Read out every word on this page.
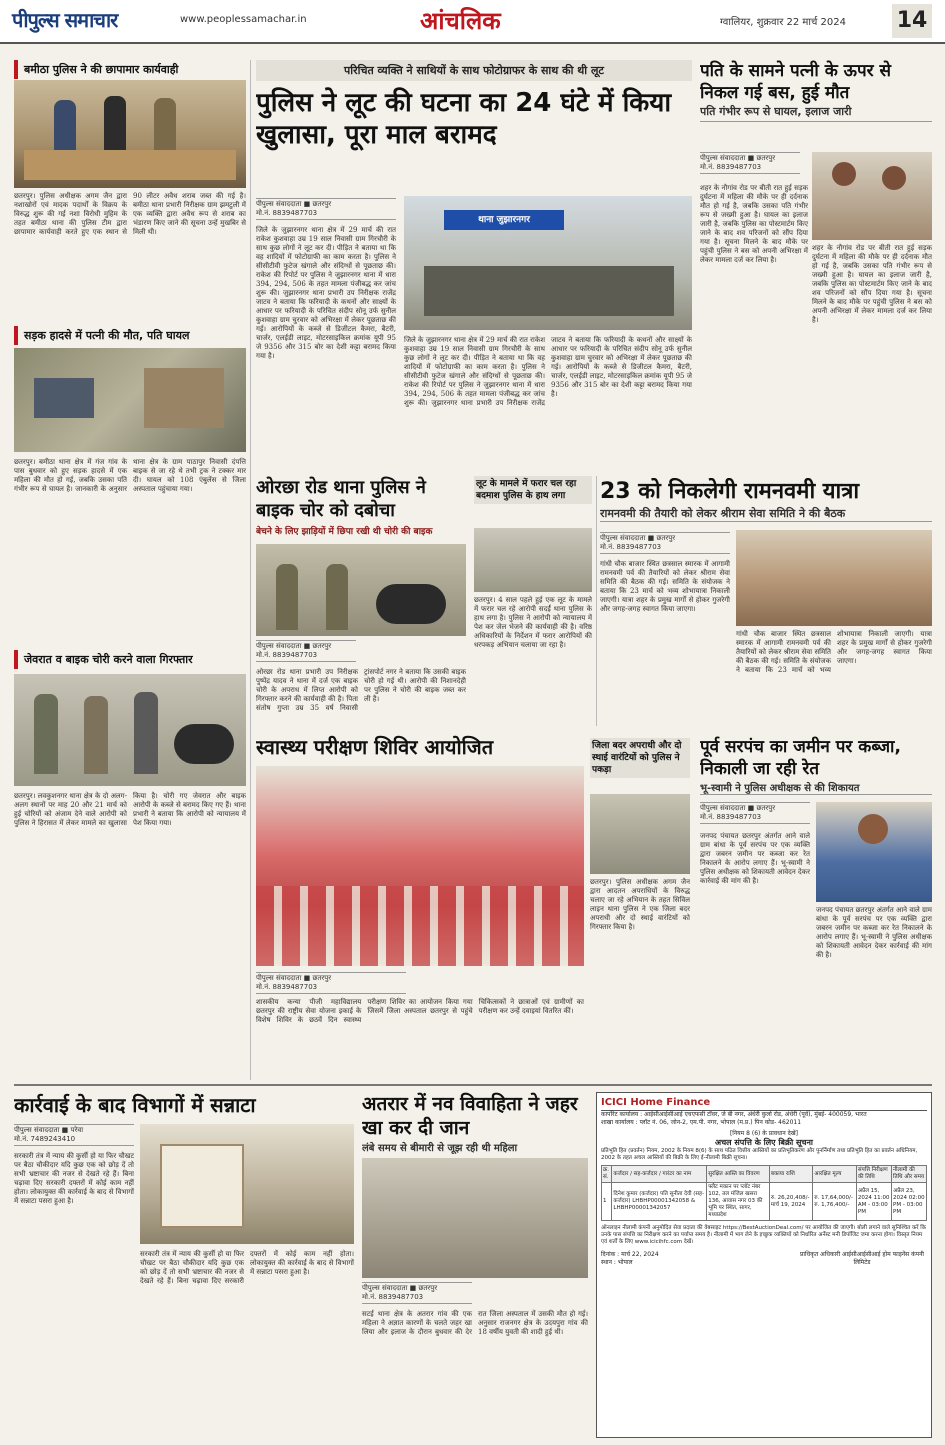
पीपुल्स समाचार	www.peoplessamachar.in	आंचलिक	ग्वालियर, शुक्रवार 22 मार्च 2024 14
बमीठा पुलिस ने की छापामार कार्यवाही
छतरपुर। पुलिस अधीक्षक अगम जैन द्वारा नशाखोरों एवं मादक पदार्थों के विक्रय के विरुद्ध शुरू की गई नशा विरोधी मुहिम के तहत बमीठा थाना की पुलिस टीम द्वारा छापामार कार्यवाही करते हुए एक स्थान से 90 लीटर अवैध शराब जब्त की गई है। बमीठा थाना प्रभारी निरीक्षक ग्राम झमटुली में एक व्यक्ति द्वारा अवैध रूप से शराब का भंडारण किए जाने की सूचना उन्हें मुखबिर से मिली थी।
सड़क हादसे में पत्नी की मौत, पति घायल
छतरपुर। बमीठा थाना क्षेत्र में गंज गांव के पास बुधवार को हुए सड़क हादसे में एक महिला की मौत हो गई, जबकि उसका पति गंभीर रूप से घायल है। जानकारी के अनुसार थाना क्षेत्र के ग्राम पाठापुर निवासी दंपत्ति बाइक से जा रहे थे तभी ट्रक ने टक्कर मार दी। घायल को 108 एंबुलेंस से जिला अस्पताल पहुंचाया गया।
जेवरात व बाइक चोरी करने वाला गिरफ्तार
छतरपुर। लवकुशनगर थाना क्षेत्र के दो अलग-अलग स्थानों पर माह 20 और 21 मार्च को हुई चोरियों को अंजाम देने वाले आरोपी को पुलिस ने हिरासत में लेकर मामले का खुलासा किया है। चोरी गए जेवरात और बाइक आरोपी के कब्जे से बरामद किए गए हैं। थाना प्रभारी ने बताया कि आरोपी को न्यायालय में पेश किया गया।
परिचित व्यक्ति ने साथियों के साथ फोटोग्राफर के साथ की थी लूट
पुलिस ने लूट की घटना का 24 घंटे में किया खुलासा, पूरा माल बरामद
पीपुल्स संवाददाता ■ छतरपुर
मो.नं. 8839487703
जिले के जुझारनगर थाना क्षेत्र में 29 मार्च की रात राकेश कुशवाहा उम्र 19 साल निवासी ग्राम गिरचौरी के साथ कुछ लोगों ने लूट कर दी। पीड़ित ने बताया था कि वह शादियों में फोटोग्राफी का काम करता है। पुलिस ने सीसीटीवी फुटेज खंगाले और संदिग्धों से पूछताछ की। राकेश की रिपोर्ट पर पुलिस ने जुझारनगर थाना में धारा 394, 294, 506 के तहत मामला पंजीबद्ध कर जांच शुरू की। जुझारनगर थाना प्रभारी उप निरीक्षक राजेंद्र जाटव ने बताया कि फरियादी के कथनों और साक्ष्यों के आधार पर फरियादी के परिचित संदीप सोनू उर्फ सुनील कुशवाहा ग्राम चुरवार को अभिरक्षा में लेकर पूछताछ की गई। आरोपियों के कब्जे से डिजीटल कैमरा, बैटरी, चार्जर, एलईडी लाइट, मोटरसाइकिल क्रमांक यूपी 95 जे 9356 और 315 बोर का देशी कट्टा बरामद किया गया है।
थाना जुझारनगर
जिले के जुझारनगर थाना क्षेत्र में 29 मार्च की रात राकेश कुशवाहा उम्र 19 साल निवासी ग्राम गिरचौरी के साथ कुछ लोगों ने लूट कर दी। पीड़ित ने बताया था कि वह शादियों में फोटोग्राफी का काम करता है। पुलिस ने सीसीटीवी फुटेज खंगाले और संदिग्धों से पूछताछ की। राकेश की रिपोर्ट पर पुलिस ने जुझारनगर थाना में धारा 394, 294, 506 के तहत मामला पंजीबद्ध कर जांच शुरू की। जुझारनगर थाना प्रभारी उप निरीक्षक राजेंद्र जाटव ने बताया कि फरियादी के कथनों और साक्ष्यों के आधार पर फरियादी के परिचित संदीप सोनू उर्फ सुनील कुशवाहा ग्राम चुरवार को अभिरक्षा में लेकर पूछताछ की गई। आरोपियों के कब्जे से डिजीटल कैमरा, बैटरी, चार्जर, एलईडी लाइट, मोटरसाइकिल क्रमांक यूपी 95 जे 9356 और 315 बोर का देशी कट्टा बरामद किया गया है।
ओरछा रोड थाना पुलिस ने बाइक चोर को दबोचा
बेचने के लिए झाड़ियों में छिपा रखी थी चोरी की बाइक
पीपुल्स संवाददाता ■ छतरपुर
मो.नं. 8839487703
ओरछा रोड थाना प्रभारी उप निरीक्षक पुष्पेंद्र यादव ने थाना में दर्ज एक बाइक चोरी के अपराध में लिप्त आरोपी को गिरफ्तार करने की कार्यवाही की है। पिता संतोष गुप्ता उम्र 35 वर्ष निवासी ट्रांसपोर्ट नगर ने बताया कि उसकी बाइक चोरी हो गई थी। आरोपी की निशानदेही पर पुलिस ने चोरी की बाइक जब्त कर ली है।
लूट के मामले में फरार चल रहा बदमाश पुलिस के हाथ लगा
छतरपुर। 4 साल पहले हुई एक लूट के मामले में फरार चल रहे आरोपी सदर्ई थाना पुलिस के हाथ लगा है। पुलिस ने आरोपी को न्यायालय में पेश कर जेल भेजने की कार्यवाही की है। वरिष्ठ अधिकारियों के निर्देशन में फरार आरोपियों की धरपकड़ अभियान चलाया जा रहा है।
पति के सामने पत्नी के ऊपर से निकल गई बस, हुई मौत
पति गंभीर रूप से घायल, इलाज जारी
पीपुल्स संवाददाता ■ छतरपुर
मो.नं. 8839487703
शहर के नौगांव रोड पर बीती रात हुई सड़क दुर्घटना में महिला की मौके पर ही दर्दनाक मौत हो गई है, जबकि उसका पति गंभीर रूप से जख्मी हुआ है। घायल का इलाज जारी है, जबकि पुलिस का पोस्टमार्टम किए जाने के बाद शव परिजनों को सौंप दिया गया है। सूचना मिलने के बाद मौके पर पहुंची पुलिस ने बस को अपनी अभिरक्षा में लेकर मामला दर्ज कर लिया है।
शहर के नौगांव रोड पर बीती रात हुई सड़क दुर्घटना में महिला की मौके पर ही दर्दनाक मौत हो गई है, जबकि उसका पति गंभीर रूप से जख्मी हुआ है। घायल का इलाज जारी है, जबकि पुलिस का पोस्टमार्टम किए जाने के बाद शव परिजनों को सौंप दिया गया है। सूचना मिलने के बाद मौके पर पहुंची पुलिस ने बस को अपनी अभिरक्षा में लेकर मामला दर्ज कर लिया है।
23 को निकलेगी रामनवमी यात्रा
रामनवमी की तैयारी को लेकर श्रीराम सेवा समिति ने की बैठक
पीपुल्स संवाददाता ■ छतरपुर
मो.नं. 8839487703
गांधी चौक बाजार स्थित छत्रसाल स्मारक में आगामी रामनवमी पर्व की तैयारियों को लेकर श्रीराम सेवा समिति की बैठक की गई। समिति के संयोजक ने बताया कि 23 मार्च को भव्य शोभायात्रा निकाली जाएगी। यात्रा शहर के प्रमुख मार्गों से होकर गुजरेगी और जगह-जगह स्वागत किया जाएगा।
गांधी चौक बाजार स्थित छत्रसाल स्मारक में आगामी रामनवमी पर्व की तैयारियों को लेकर श्रीराम सेवा समिति की बैठक की गई। समिति के संयोजक ने बताया कि 23 मार्च को भव्य शोभायात्रा निकाली जाएगी। यात्रा शहर के प्रमुख मार्गों से होकर गुजरेगी और जगह-जगह स्वागत किया जाएगा।
स्वास्थ्य परीक्षण शिविर आयोजित
पीपुल्स संवाददाता ■ छतरपुर
मो.नं. 8839487703
शासकीय कन्या पीजी महाविद्यालय छतरपुर की राष्ट्रीय सेवा योजना इकाई के विशेष शिविर के छठवें दिन स्वास्थ्य परीक्षण शिविर का आयोजन किया गया जिसमें जिला अस्पताल छतरपुर से पहुंचे चिकित्सकों ने छात्राओं एवं ग्रामीणों का परीक्षण कर उन्हें दवाइयां वितरित कीं।
जिला बदर अपराधी और दो स्थाई वारंटियों को पुलिस ने पकड़ा
छतरपुर। पुलिस अधीक्षक अगम जैन द्वारा आदतन अपराधियों के विरुद्ध चलाए जा रहे अभियान के तहत सिविल लाइन थाना पुलिस ने एक जिला बदर अपराधी और दो स्थाई वारंटियों को गिरफ्तार किया है।
पूर्व सरपंच का जमीन पर कब्जा, निकाली जा रही रेत
भू-स्वामी ने पुलिस अधीक्षक से की शिकायत
पीपुल्स संवाददाता ■ छतरपुर
मो.नं. 8839487703
जनपद पंचायत छतरपुर अंतर्गत आने वाले ग्राम बांधा के पूर्व सरपंच पर एक व्यक्ति द्वारा जबरन जमीन पर कब्जा कर रेत निकालने के आरोप लगाए हैं। भू-स्वामी ने पुलिस अधीक्षक को शिकायती आवेदन देकर कार्रवाई की मांग की है।
जनपद पंचायत छतरपुर अंतर्गत आने वाले ग्राम बांधा के पूर्व सरपंच पर एक व्यक्ति द्वारा जबरन जमीन पर कब्जा कर रेत निकालने के आरोप लगाए हैं। भू-स्वामी ने पुलिस अधीक्षक को शिकायती आवेदन देकर कार्रवाई की मांग की है।
कार्रवाई के बाद विभागों में सन्नाटा
पीपुल्स संवाददाता ■ परेवा
मो.नं. 7489243410
सरकारी तंत्र में न्याय की कुर्सी हो या फिर चौखट पर बैठा चौकीदार यदि कुछ एक को छोड़ दें तो सभी भ्रष्टाचार की नजर से देखते रहे हैं। बिना चढ़ावा दिए सरकारी दफ्तरों में कोई काम नहीं होता। लोकायुक्त की कार्रवाई के बाद से विभागों में सन्नाटा पसरा हुआ है।
सरकारी तंत्र में न्याय की कुर्सी हो या फिर चौखट पर बैठा चौकीदार यदि कुछ एक को छोड़ दें तो सभी भ्रष्टाचार की नजर से देखते रहे हैं। बिना चढ़ावा दिए सरकारी दफ्तरों में कोई काम नहीं होता। लोकायुक्त की कार्रवाई के बाद से विभागों में सन्नाटा पसरा हुआ है।
अतरार में नव विवाहिता ने जहर खा कर दी जान
लंबे समय से बीमारी से जूझ रही थी महिला
पीपुल्स संवाददाता ■ छतरपुर
मो.नं. 8839487703
सटई थाना क्षेत्र के अतरार गांव की एक महिला ने अज्ञात कारणों के चलते जहर खा लिया और इलाज के दौरान बुधवार की देर रात जिला अस्पताल में उसकी मौत हो गई। अनुसार राजनगर क्षेत्र के उदयपुरा गांव की 18 वर्षीय युवती की शादी हुई थी।
ICICI Home Finance
कार्पोरेट कार्यालय : आईसीआईसीआई एचएफसी टॉवर, जे बी नगर, अंधेरी कुर्ला रोड, अंधेरी (पूर्व), मुंबई- 400059, भारत
शाखा कार्यालय : प्लॉट नं. 06, जोन-2, एम.पी. नगर, भोपाल (म.प्र.) पिन कोड- 462011
[नियम 8 (6) के प्रावधान देखें]
अचल संपत्ति के लिए बिक्री सूचना
प्रतिभूति हित (प्रवर्तन) नियम, 2002 के नियम 8(6) के साथ पठित वित्तीय आस्तियों का प्रतिभूतिकरण और पुनर्निर्माण तथा प्रतिभूति हित का प्रवर्तन अधिनियम, 2002 के तहत अचल आस्तियों की बिक्री के लिए ई-नीलामी बिक्री सूचना।
क्र. सं.	कर्जदार / सह-कर्जदार / गारंटर का नाम	सुरक्षित आस्ति का विवरण	बकाया राशि	आरक्षित मूल्य	संपत्ति निरीक्षण की तिथि	नीलामी की तिथि और समय
1	दिनेश कुमार (कर्जदार) पति सुनीता देवी (सह-कर्जदार) LHBHP00001342058 & LHBHP00001342057	फ्लैट मकान पर प्लॉट नंबर 102, तल मंजिल खसरा 136, आवास नगर 03 की भूमि पर स्थित, सागर, मध्यप्रदेश	रु. 26,20,408/- मार्च 19, 2024	रु. 17,64,000/- रु. 1,76,400/-	अप्रैल 15, 2024 11:00 AM - 03:00 PM	अप्रैल 23, 2024 02:00 PM - 03:00 PM
ऑनलाइन नीलामी कंपनी अनुमोदित सेवा प्रदाता की वेबसाइट https://BestAuctionDeal.com/ पर आयोजित की जाएगी। बोली लगाने वाले सुनिश्चित करें कि उनके पास संपत्ति का निरीक्षण करने का पर्याप्त समय है। नीलामी में भाग लेने के इच्छुक व्यक्तियों को निर्धारित अर्नेस्ट मनी डिपॉजिट जमा करना होगा। विस्तृत नियम एवं शर्तों के लिए www.icicihfc.com देखें।
दिनांक : मार्च 22, 2024
स्थान : भोपाल
प्राधिकृत अधिकारी आईसीआईसीआई होम फाइनेंस कंपनी लिमिटेड
